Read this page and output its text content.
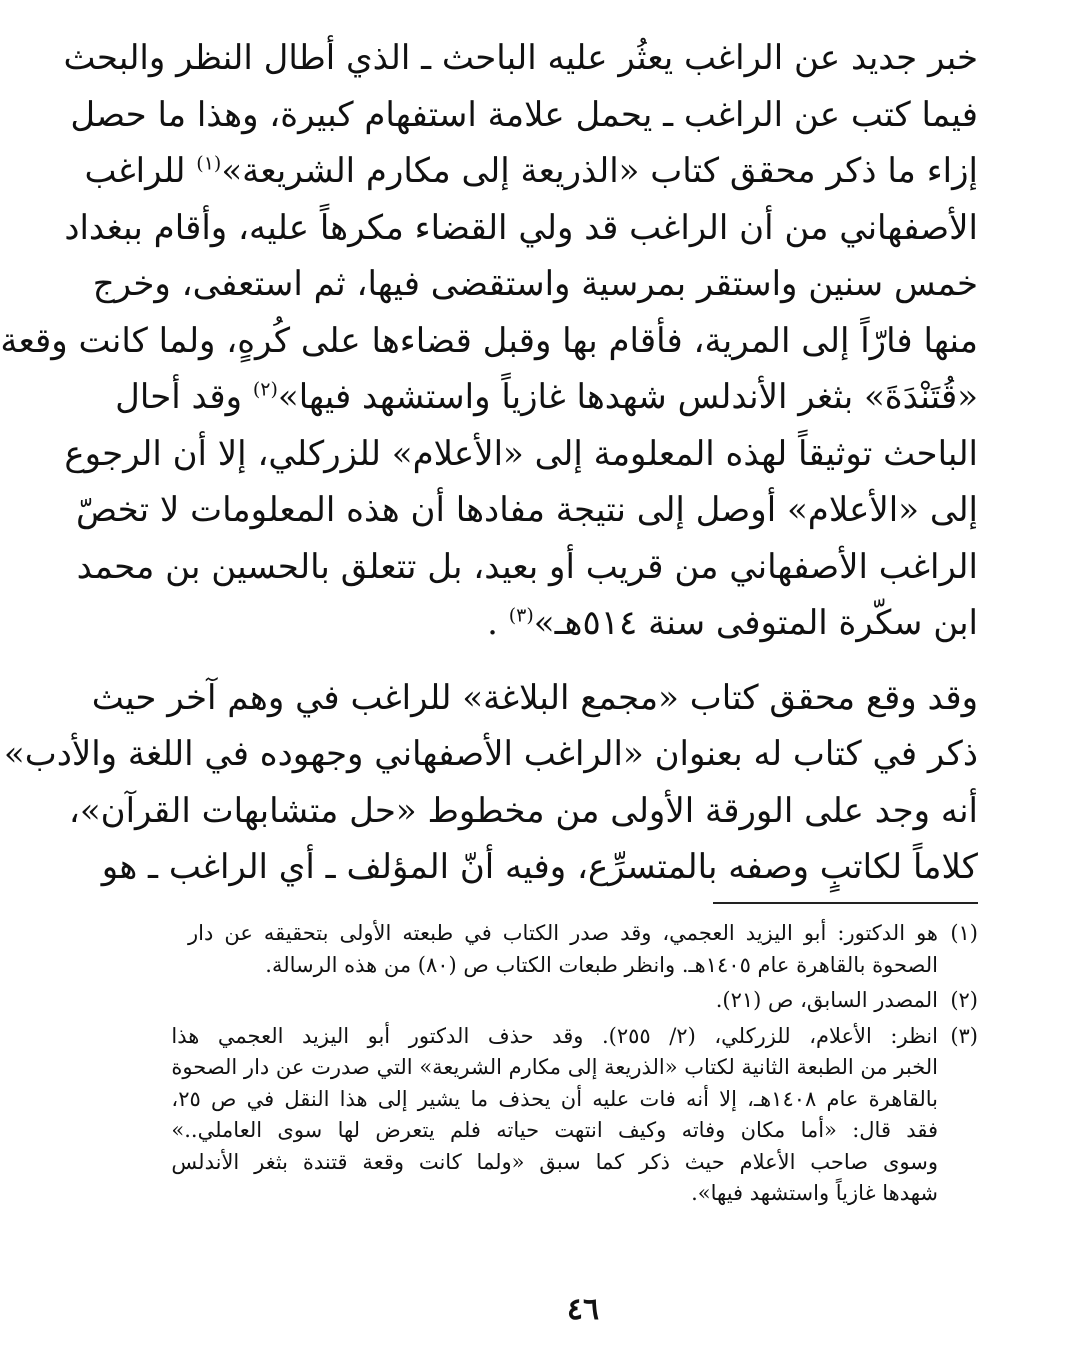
خبر جديد عن الراغب يعثُر عليه الباحث ـ الذي أطال النظر والبحث
فيما كتب عن الراغب ـ يحمل علامة استفهام كبيرة، وهذا ما حصل
إزاء ما ذكر محقق كتاب «الذريعة إلى مكارم الشريعة»$^{(١)}$ للراغب
الأصفهاني من أن الراغب قد ولي القضاء مكرهاً عليه، وأقام ببغداد
خمس سنين واستقر بمرسية واستقضى فيها، ثم استعفى، وخرج
منها فارّاً إلى المرية، فأقام بها وقبل قضاءها على كُرهٍ، ولما كانت وقعة
«قُتَنْدَةَ» بثغر الأندلس شهدها غازياً واستشهد فيها»$^{(٢)}$ وقد أحال
الباحث توثيقاً لهذه المعلومة إلى «الأعلام» للزركلي، إلا أن الرجوع
إلى «الأعلام» أوصل إلى نتيجة مفادها أن هذه المعلومات لا تخصّ
الراغب الأصفهاني من قريب أو بعيد، بل تتعلق بالحسين بن محمد
ابن سكّرة المتوفى سنة ٥١٤هـ»$^{(٣)}$ .
وقد وقع محقق كتاب «مجمع البلاغة» للراغب في وهم آخر حيث
ذكر في كتاب له بعنوان «الراغب الأصفهاني وجهوده في اللغة والأدب»
أنه وجد على الورقة الأولى من مخطوط «حل متشابهات القرآن»،
كلاماً لكاتبٍ وصفه بالمتسرِّع، وفيه أنّ المؤلف ـ أي الراغب ـ هو
(١)
هو الدكتور: أبو اليزيد العجمي، وقد صدر الكتاب في طبعته الأولى بتحقيقه عن دار
الصحوة بالقاهرة عام ١٤٠٥هـ. وانظر طبعات الكتاب ص (٨٠) من هذه الرسالة.
(٢)
المصدر السابق، ص (٢١).
(٣)
انظر: الأعلام، للزركلي، (٢/ ٢٥٥). وقد حذف الدكتور أبو اليزيد العجمي هذا
الخبر من الطبعة الثانية لكتاب «الذريعة إلى مكارم الشريعة» التي صدرت عن دار الصحوة
بالقاهرة عام ١٤٠٨هـ، إلا أنه فات عليه أن يحذف ما يشير إلى هذا النقل في ص ٢٥،
فقد قال: «أما مكان وفاته وكيف انتهت حياته فلم يتعرض لها سوى العاملي..»
وسوى صاحب الأعلام حيث ذكر كما سبق «ولما كانت وقعة قتندة بثغر الأندلس
شهدها غازياً واستشهد فيها».
٤٦
